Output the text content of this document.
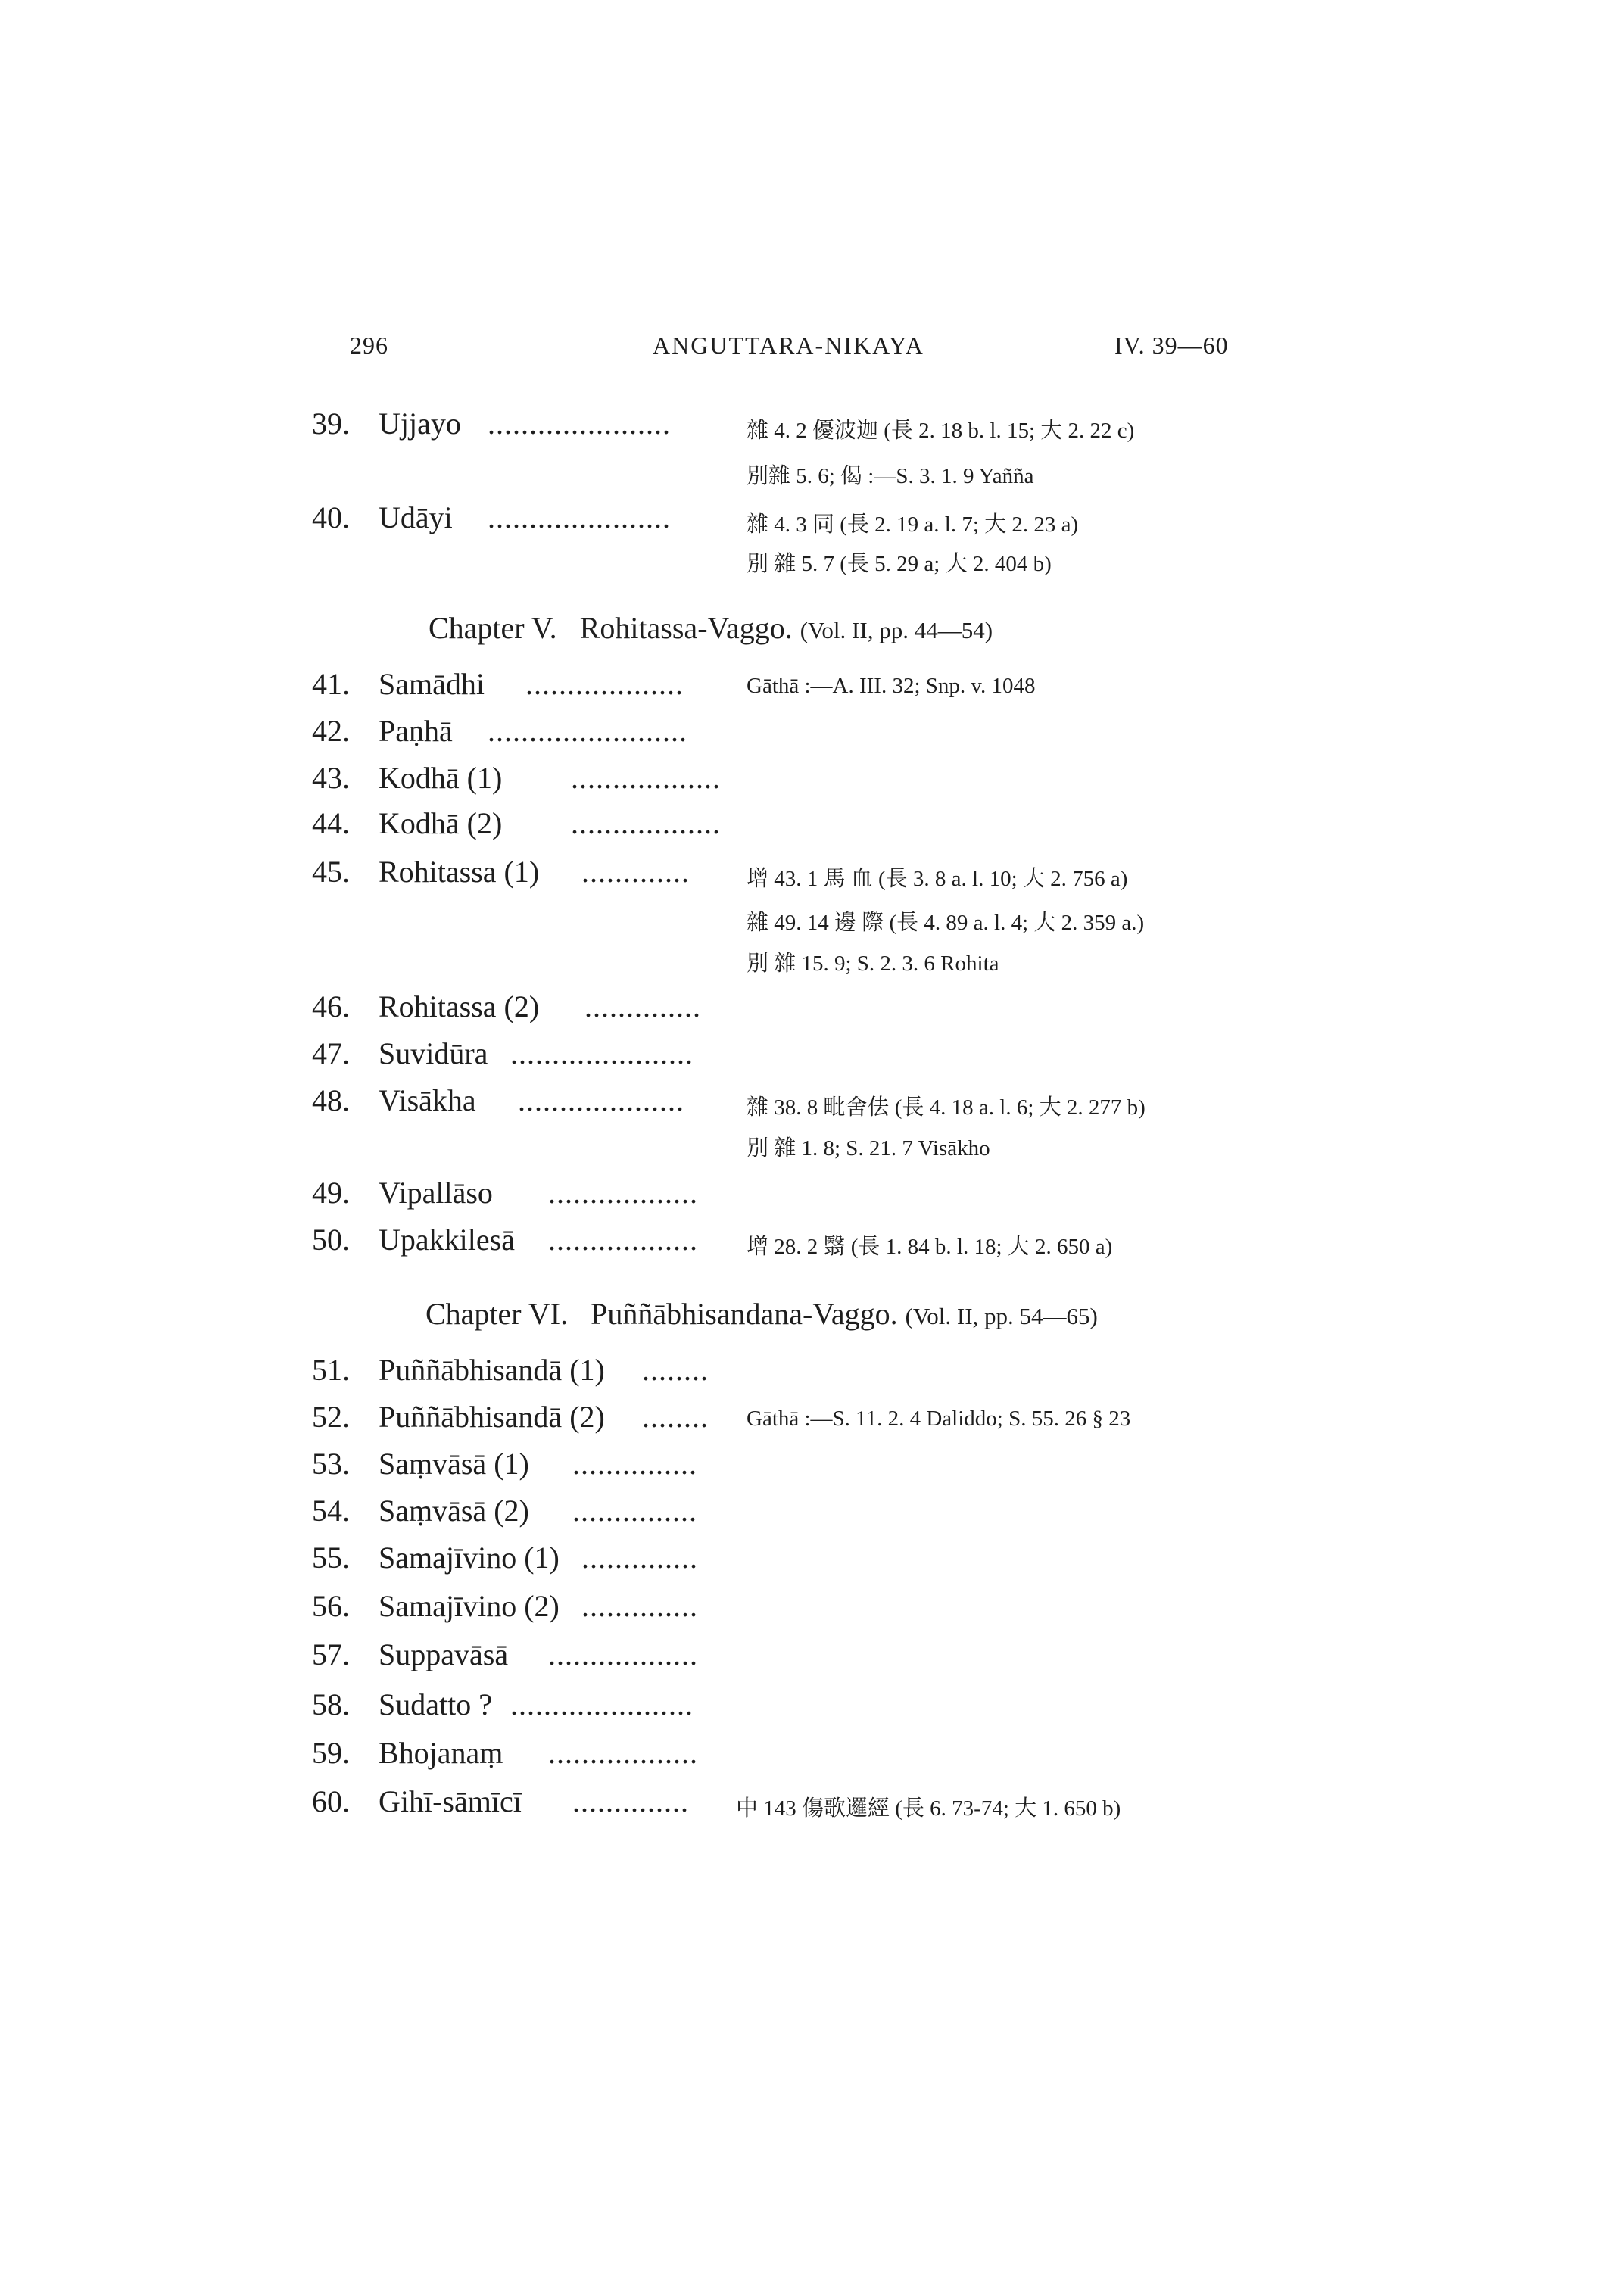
296	ANGUTTARA-NIKAYA	IV. 39—60
39. Ujjayo ......................	雜 4. 2 優波迦 (長 2. 18 b. l. 15; 大 2. 22 c)
別雜 5. 6; 偈 :—S. 3. 1. 9 Yañña
40. Udāyi ......................	雜 4. 3 同 (長 2. 19 a. l. 7; 大 2. 23 a)
別 雜 5. 7 (長 5. 29 a; 大 2. 404 b)
Chapter V. Rohitassa-Vaggo. (Vol. II, pp. 44—54)
41. Samādhi ...................	Gāthā :—A. III. 32; Snp. v. 1048
42. Paṇhā ........................
43. Kodhā (1) ..................
44. Kodhā (2) ..................
45. Rohitassa (1) .............	增 43. 1 馬 血 (長 3. 8 a. l. 10; 大 2. 756 a)
雜 49. 14 邊 際 (長 4. 89 a. l. 4; 大 2. 359 a.)
別 雜 15. 9; S. 2. 3. 6 Rohita
46. Rohitassa (2) ..............
47. Suvidūra ......................
48. Visākha ....................	雜 38. 8 毗舍佉 (長 4. 18 a. l. 6; 大 2. 277 b)
別 雜 1. 8; S. 21. 7 Visākho
49. Vipallāso ..................
50. Upakkilesā .................. 增 28. 2 翳 (長 1. 84 b. l. 18; 大 2. 650 a)
Chapter VI. Puññābhisandana-Vaggo. (Vol. II, pp. 54—65)
51. Puññābhisandā (1) ........
52. Puññābhisandā (2) ........ Gāthā :—S. 11. 2. 4 Daliddo; S. 55. 26 § 23
53. Saṃvāsā (1) ...............
54. Saṃvāsā (2) ...............
55. Samajīvino (1) ..............
56. Samajīvino (2) ..............
57. Suppavāsā ..................
58. Sudatto ? ......................
59. Bhojanaṃ ..................
60. Gihī-sāmīcī .............. 中 143 傷歌邏經 (長 6. 73-74; 大 1. 650 b)
